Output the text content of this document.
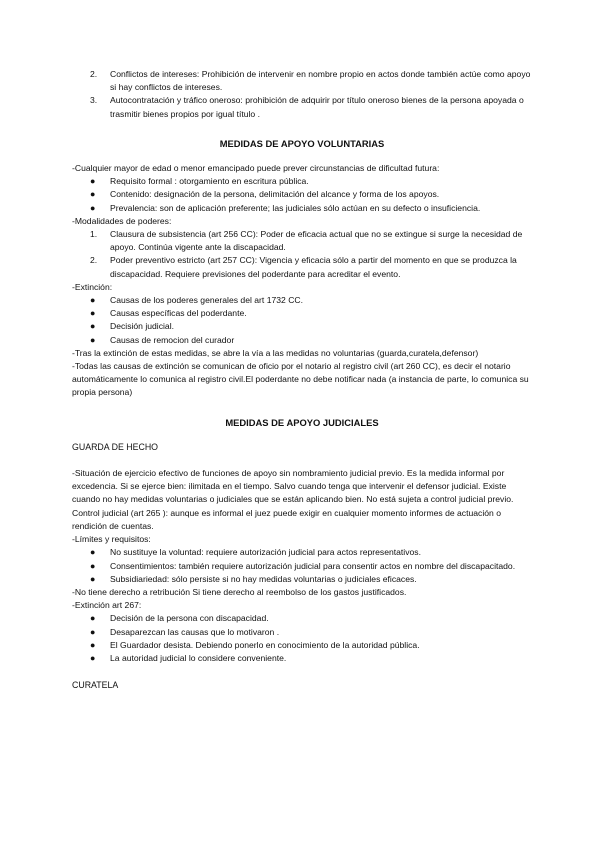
2. Conflictos de intereses: Prohibición de intervenir en nombre propio en actos donde también actúe como apoyo si hay conflictos de intereses.
3. Autocontratación y tráfico oneroso: prohibición de adquirir por título oneroso bienes de la persona apoyada o trasmitir bienes propios por igual título .
MEDIDAS DE APOYO VOLUNTARIAS

-Cualquier mayor de edad o menor emancipado puede prever circunstancias de dificultad futura:

● Requisito formal : otorgamiento en escritura pública.
● Contenido: designación de la persona, delimitación del alcance y forma de los apoyos.
● Prevalencia: son de aplicación preferente; las judiciales sólo actúan en su defecto o insuficiencia.

-Modalidades de poderes:

1. Clausura de subsistencia (art 256 CC): Poder de eficacia actual que no se extingue si surge la necesidad de apoyo. Continúa vigente ante la discapacidad.
2. Poder preventivo estricto (art 257 CC): Vigencia y eficacia sólo a partir del momento en que se produzca la discapacidad. Requiere previsiones del poderdante para acreditar el evento.

-Extinción:

● Causas de los poderes generales del art 1732 CC.
● Causas específicas del poderdante.
● Decisión judicial.
● Causas de remocion del curador

-Tras la extinción de estas medidas, se abre la vía a las medidas no voluntarias (guarda,curatela,defensor)

-Todas las causas de extinción se comunican de oficio por el notario al registro civil (art 260 CC), es decir el notario automáticamente lo comunica al registro civil.El poderdante no debe notificar nada (a instancia de parte, lo comunica su propia persona)

MEDIDAS DE APOYO JUDICIALES

GUARDA DE HECHO

-Situación de ejercicio efectivo de funciones de apoyo sin nombramiento judicial previo. Es la medida informal por excedencia. Si se ejerce bien: ilimitada en el tiempo. Salvo cuando tenga que intervenir el defensor judicial. Existe cuando no hay medidas voluntarias o judiciales que se están aplicando bien. No está sujeta a control judicial previo. Control judicial (art 265 ): aunque es informal el juez puede exigir en cualquier momento informes de actuación o rendición de cuentas.

-Límites y requisitos:

● No sustituye la voluntad: requiere autorización judicial para actos representativos.
● Consentimientos: también requiere autorización judicial para consentir actos en nombre del discapacitado.
● Subsidiariedad: sólo persiste si no hay medidas voluntarias o judiciales eficaces.

-No tiene derecho a retribución Si tiene derecho al reembolso de los gastos justificados.

-Extinción art 267:

● Decisión de la persona con discapacidad.
● Desaparezcan las causas que lo motivaron .
● El Guardador desista. Debiendo ponerlo en conocimiento de la autoridad pública.
● La autoridad judicial lo considere conveniente.

CURATELA
